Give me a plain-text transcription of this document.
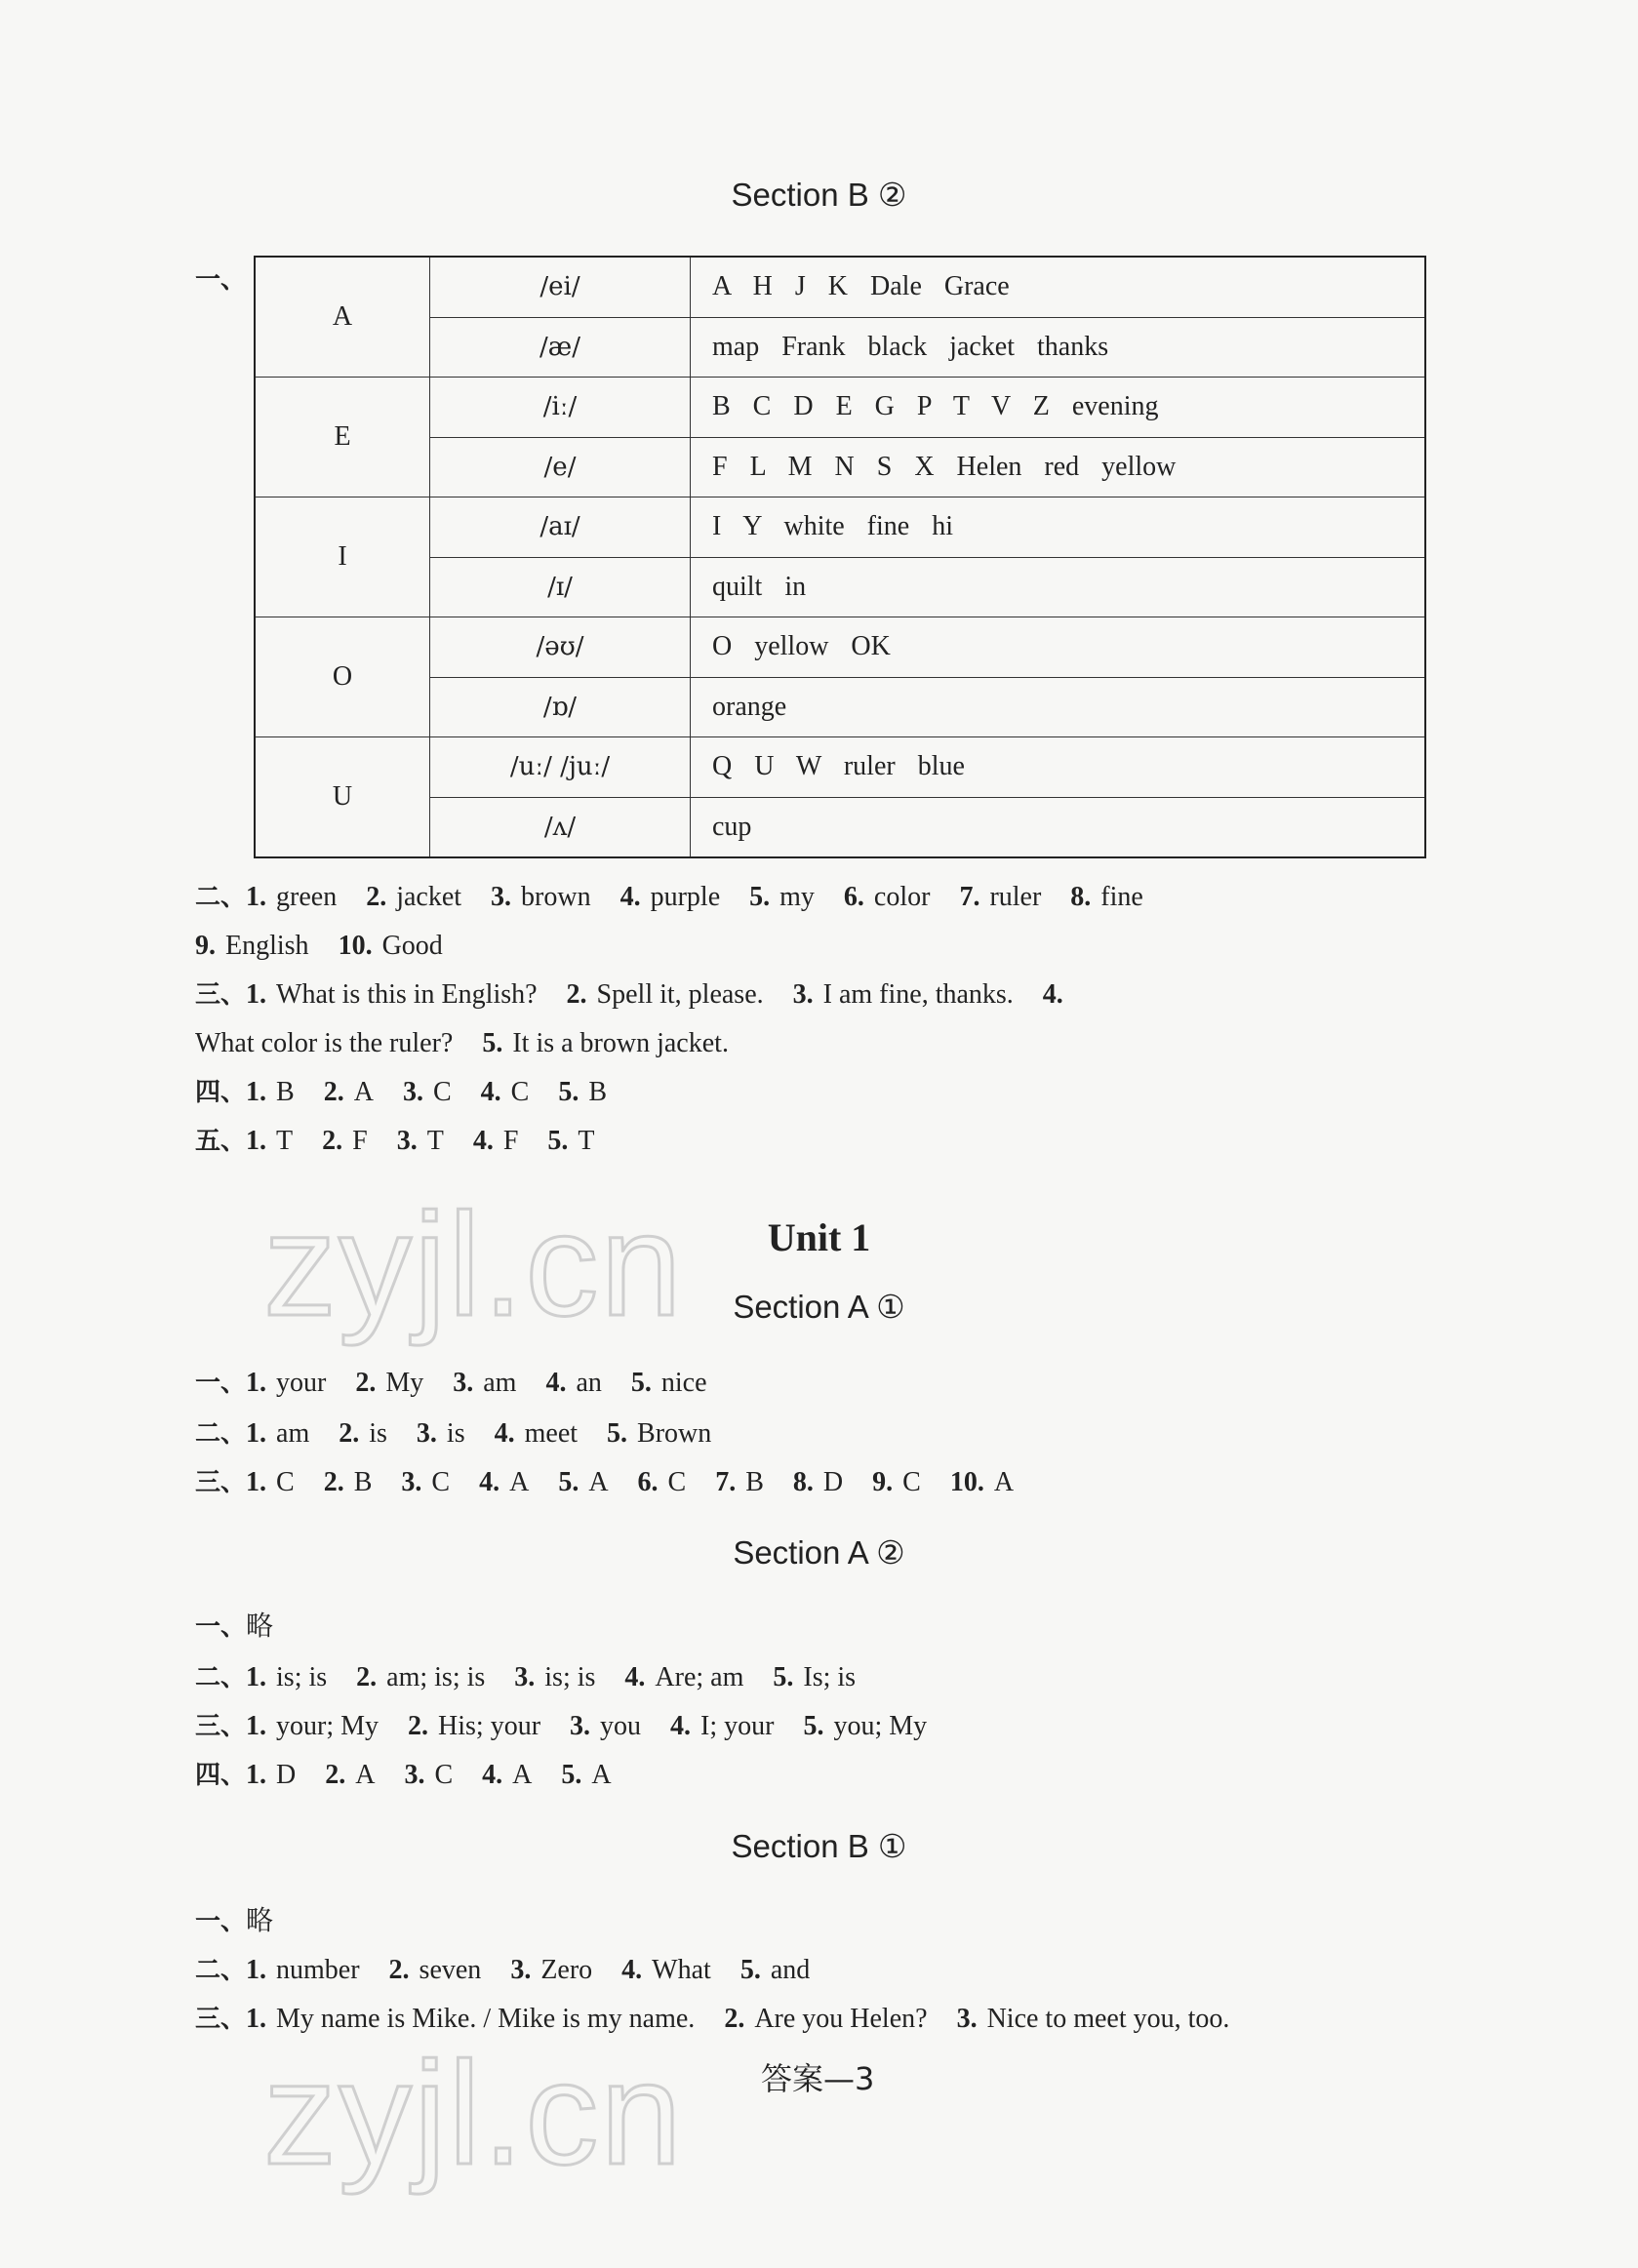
Section B ②
一、
A	/ei/	A H J K Dale Grace
	/æ/	map Frank black jacket thanks
E	/iː/	B C D E G P T V Z evening
	/e/	F L M N S X Helen red yellow
I	/aɪ/	I Y white fine hi
	/ɪ/	quilt in
O	/əʊ/	O yellow OK
	/ɒ/	orange
U	/uː/ /juː/	Q U W ruler blue
	/ʌ/	cup
二、1. green 2. jacket 3. brown 4. purple 5. my 6. color 7. ruler 8. fine
9. English 10. Good
三、1. What is this in English? 2. Spell it, please. 3. I am fine, thanks. 4.
What color is the ruler? 5. It is a brown jacket.
四、1. B 2. A 3. C 4. C 5. B
五、1. T 2. F 3. T 4. F 5. T
zyjl.cn	Unit 1
Section A ①
一、1. your 2. My 3. am 4. an 5. nice
二、1. am 2. is 3. is 4. meet 5. Brown
三、1. C 2. B 3. C 4. A 5. A 6. C 7. B 8. D 9. C 10. A
Section A ②
一、略
二、1. is; is 2. am; is; is 3. is; is 4. Are; am 5. Is; is
三、1. your; My 2. His; your 3. you 4. I; your 5. you; My
四、1. D 2. A 3. C 4. A 5. A
Section B ①
一、略
二、1. number 2. seven 3. Zero 4. What 5. and
三、1. My name is Mike. / Mike is my name. 2. Are you Helen? 3. Nice to meet you, too.
zyjl.cn 答案—3
